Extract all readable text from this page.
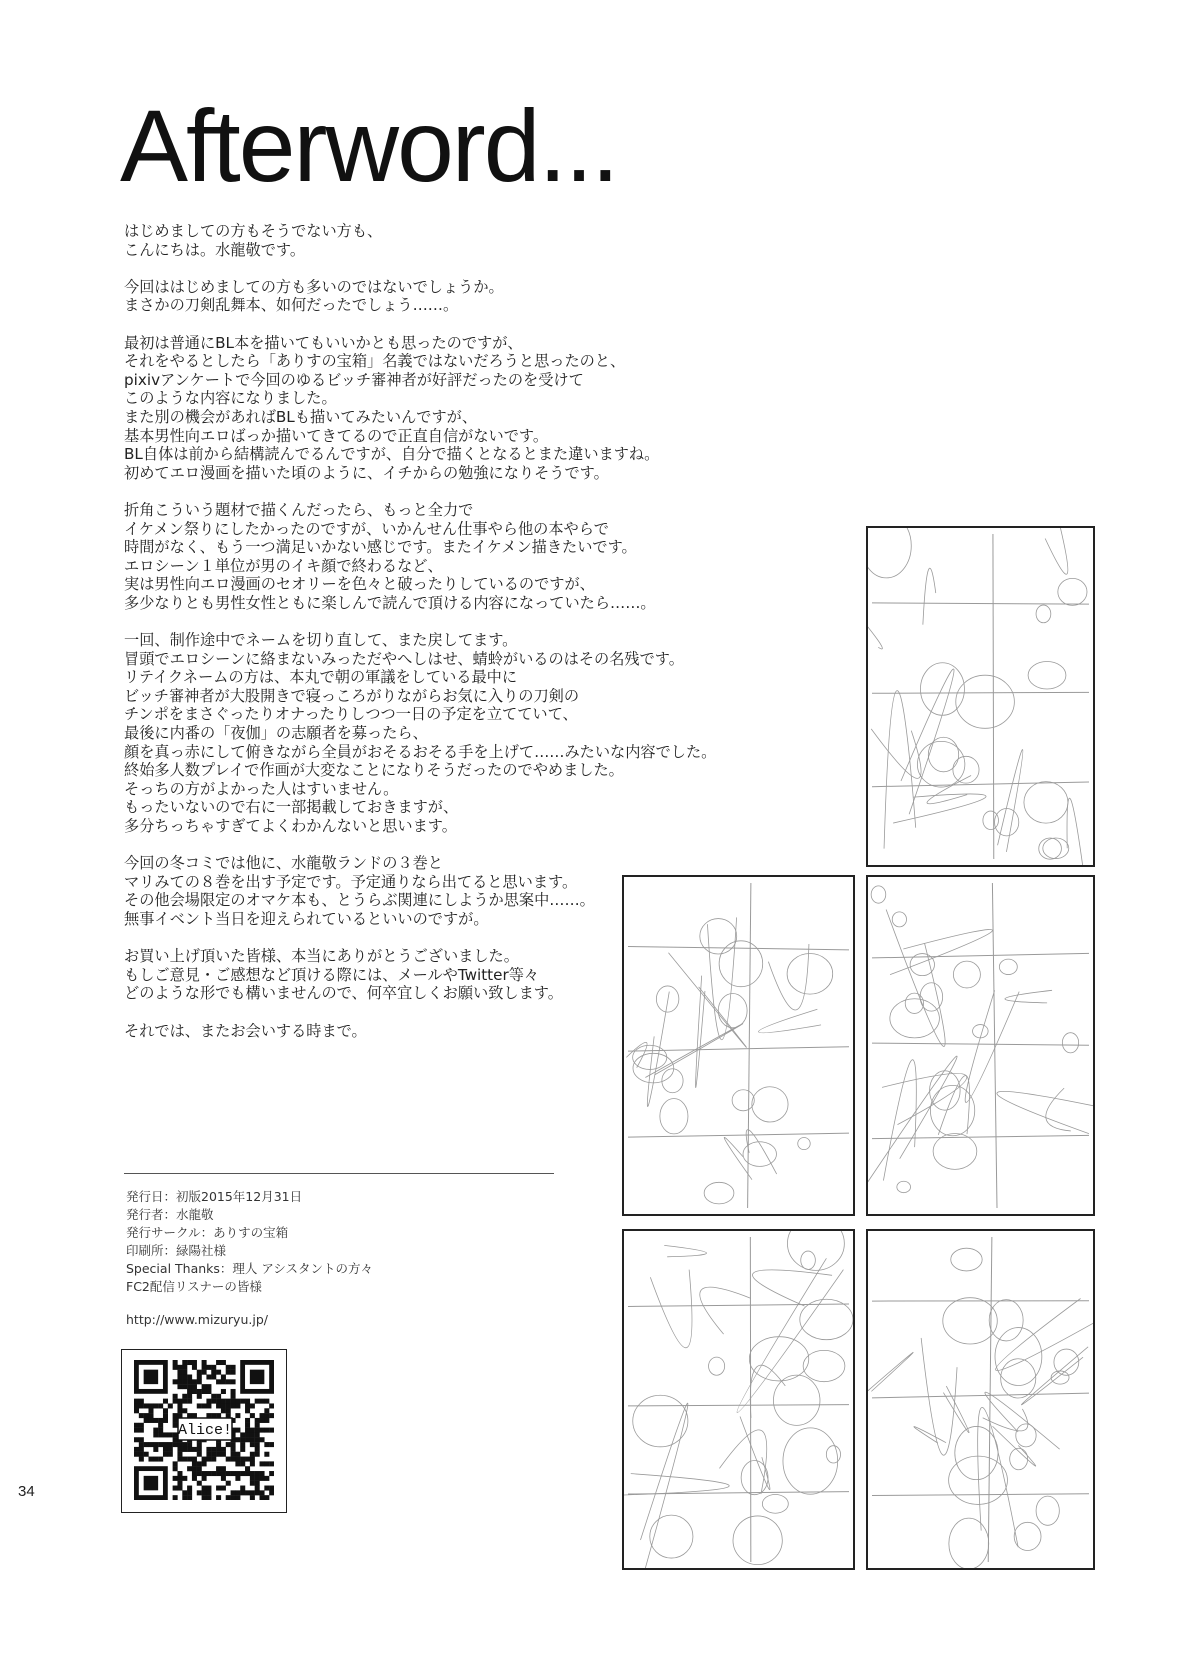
Afterword...
はじめましての方もそうでない方も、
こんにちは。水龍敬です。
今回ははじめましての方も多いのではないでしょうか。
まさかの刀剣乱舞本、如何だったでしょう……。
最初は普通にBL本を描いてもいいかとも思ったのですが、
それをやるとしたら「ありすの宝箱」名義ではないだろうと思ったのと、
pixivアンケートで今回のゆるビッチ審神者が好評だったのを受けて
このような内容になりました。
また別の機会があればBLも描いてみたいんですが、
基本男性向エロばっか描いてきてるので正直自信がないです。
BL自体は前から結構読んでるんですが、自分で描くとなるとまた違いますね。
初めてエロ漫画を描いた頃のように、イチからの勉強になりそうです。
折角こういう題材で描くんだったら、もっと全力で
イケメン祭りにしたかったのですが、いかんせん仕事やら他の本やらで
時間がなく、もう一つ満足いかない感じです。またイケメン描きたいです。
エロシーン１単位が男のイキ顔で終わるなど、
実は男性向エロ漫画のセオリーを色々と破ったりしているのですが、
多少なりとも男性女性ともに楽しんで読んで頂ける内容になっていたら……。
一回、制作途中でネームを切り直して、また戻してます。
冒頭でエロシーンに絡まないみっただやへしはせ、蜻蛉がいるのはその名残です。
リテイクネームの方は、本丸で朝の軍議をしている最中に
ビッチ審神者が大股開きで寝っころがりながらお気に入りの刀剣の
チンポをまさぐったりオナったりしつつ一日の予定を立てていて、
最後に内番の「夜伽」の志願者を募ったら、
顔を真っ赤にして俯きながら全員がおそるおそる手を上げて……みたいな内容でした。
終始多人数プレイで作画が大変なことになりそうだったのでやめました。
そっちの方がよかった人はすいません。
もったいないので右に一部掲載しておきますが、
多分ちっちゃすぎてよくわかんないと思います。
今回の冬コミでは他に、水龍敬ランドの３巻と
マリみての８巻を出す予定です。予定通りなら出てると思います。
その他会場限定のオマケ本も、とうらぶ関連にしようか思案中……。
無事イベント当日を迎えられているといいのですが。
お買い上げ頂いた皆様、本当にありがとうございました。
もしご意見・ご感想など頂ける際には、メールやTwitter等々
どのような形でも構いませんので、何卒宜しくお願い致します。
それでは、またお会いする時まで。
発行日：初版2015年12月31日
発行者：水龍敬
発行サークル：ありすの宝箱
印刷所：緑陽社様
Special Thanks：理人 アシスタントの方々
FC2配信リスナーの皆様
http://www.mizuryu.jp/
Alice!
34
